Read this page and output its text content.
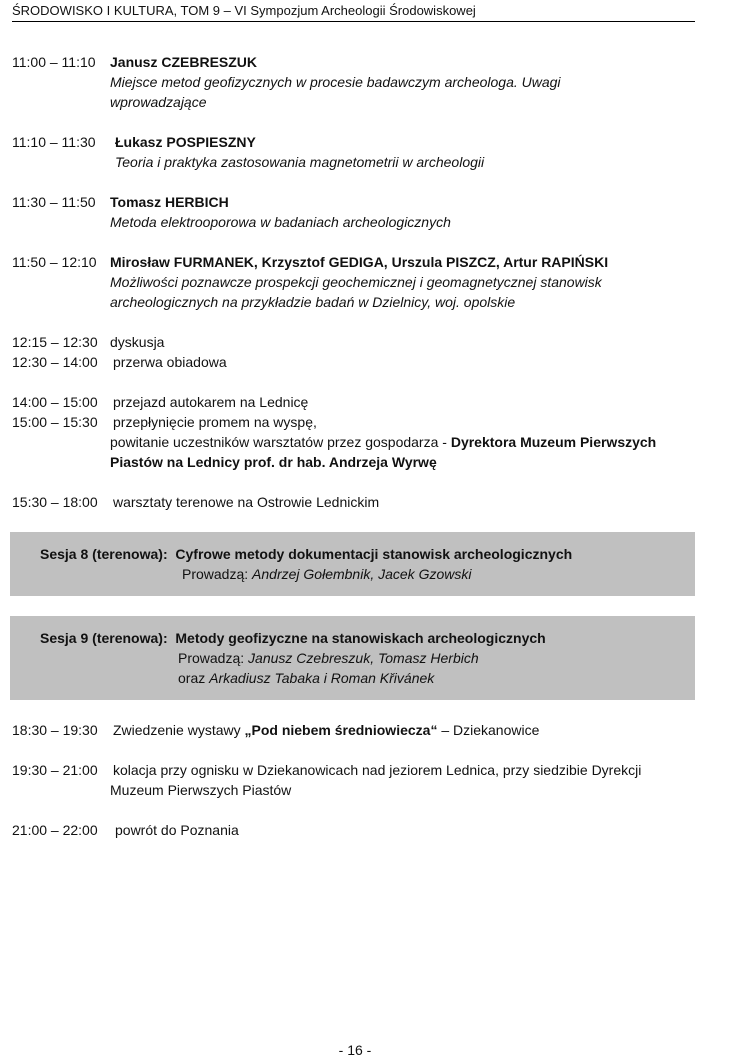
ŚRODOWISKO I KULTURA, TOM 9 – VI Sympozjum Archeologii Środowiskowej
11:00 – 11:10 Janusz CZEBRESZUK
Miejsce metod geofizycznych w procesie badawczym archeologa. Uwagi
wprowadzające
11:10 – 11:30	Łukasz POSPIESZNY
Teoria i praktyka zastosowania magnetometrii w archeologii
11:30 – 11:50 Tomasz HERBICH
Metoda elektrooporowa w badaniach archeologicznych
11:50 – 12:10 Mirosław FURMANEK, Krzysztof GEDIGA, Urszula PISZCZ, Artur RAPIŃSKI
Możliwości poznawcze prospekcji geochemicznej i geomagnetycznej stanowisk
archeologicznych na przykładzie badań w Dzielnicy, woj. opolskie
12:15 – 12:30 dyskusja
12:30 – 14:00 przerwa obiadowa
14:00 – 15:00 przejazd autokarem na Lednicę
15:00 – 15:30 przepłynięcie promem na wyspę,
powitanie uczestników warsztatów przez gospodarza - Dyrektora Muzeum Pierwszych
Piastów na Lednicy prof. dr hab. Andrzeja Wyrwę
15:30 – 18:00 warsztaty terenowe na Ostrowie Lednickim
Sesja 8 (terenowa): Cyfrowe metody dokumentacji stanowisk archeologicznych
Prowadzą: Andrzej Gołembnik, Jacek Gzowski
Sesja 9 (terenowa): Metody geofizyczne na stanowiskach archeologicznych
Prowadzą: Janusz Czebreszuk, Tomasz Herbich
oraz Arkadiusz Tabaka i Roman Křivánek
18:30 – 19:30 Zwiedzenie wystawy „Pod niebem średniowiecza“ – Dziekanowice
19:30 – 21:00 kolacja przy ognisku w Dziekanowicach nad jeziorem Lednica, przy siedzibie Dyrekcji
Muzeum Pierwszych Piastów
21:00 – 22:00	powrót do Poznania
- 16 -
